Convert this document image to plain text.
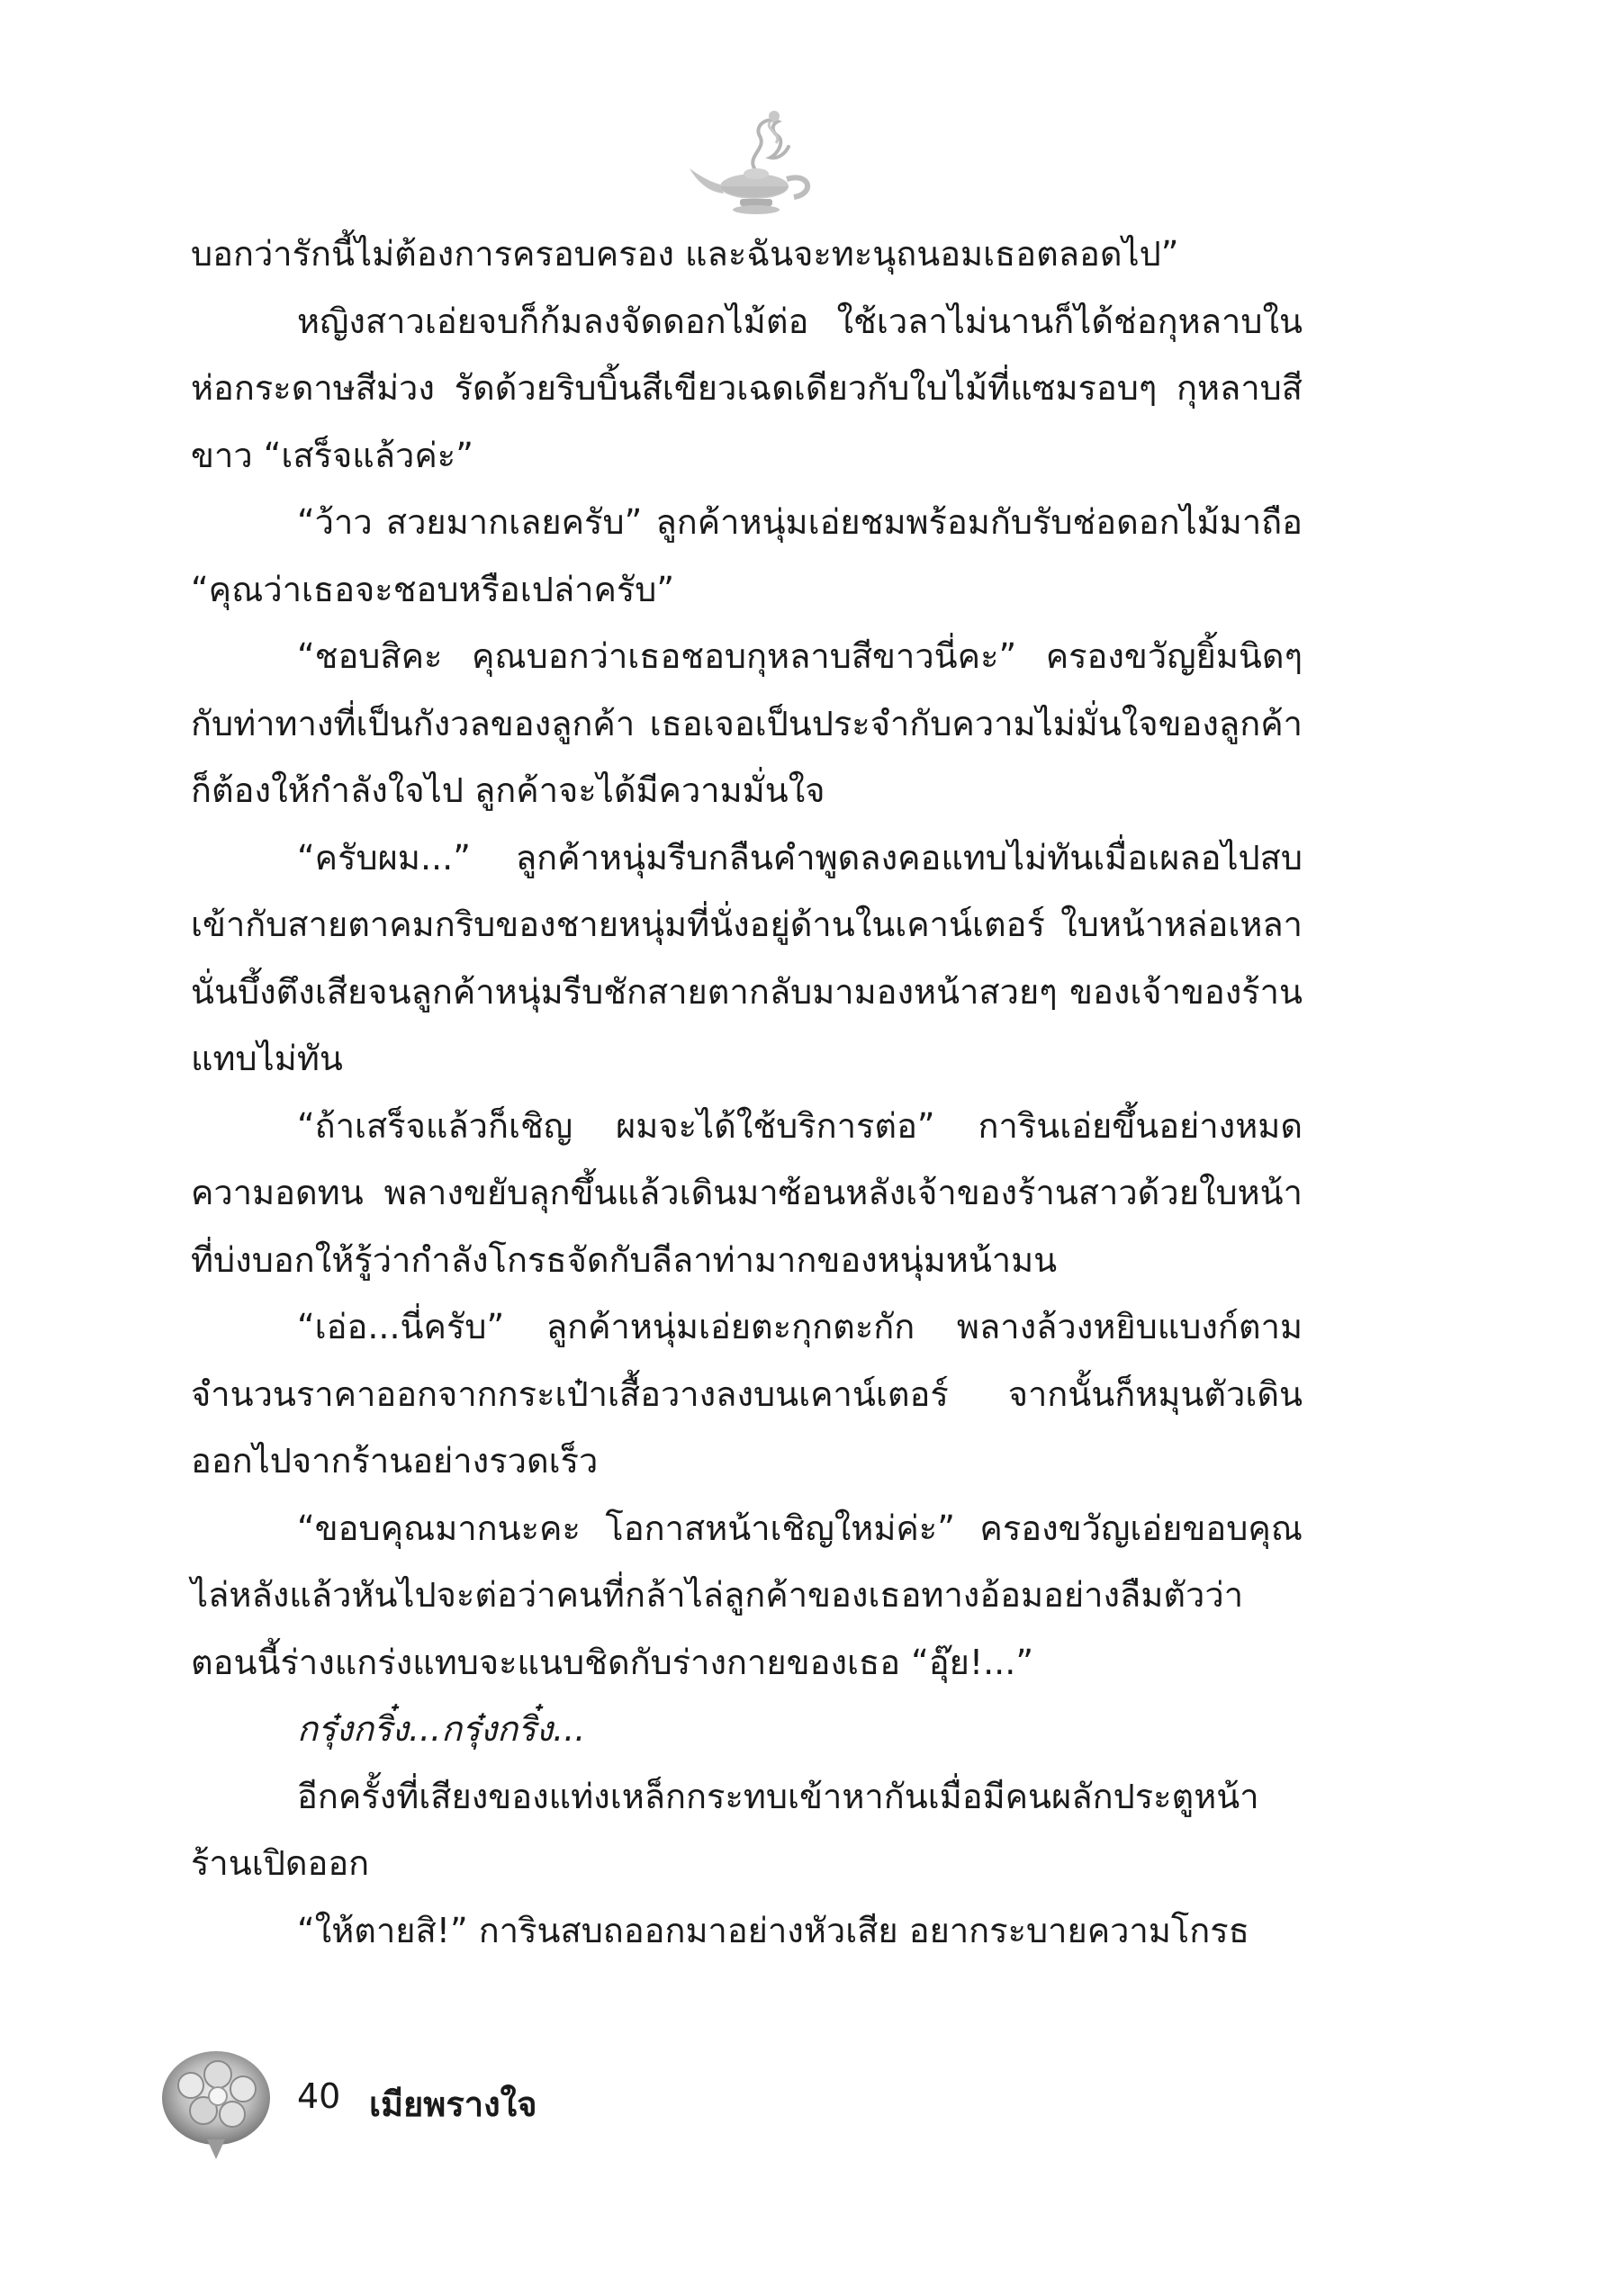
บอกว่ารักนี้ไม่ต้องการครอบครอง และฉันจะทะนุถนอมเธอตลอดไป”

หญิงสาวเอ่ยจบก็ก้มลงจัดดอกไม้ต่อ ใช้เวลาไม่นานก็ได้ช่อกุหลาบในห่อกระดาษสีม่วง รัดด้วยริบบิ้นสีเขียวเฉดเดียวกับใบไม้ที่แซมรอบๆ กุหลาบสีขาว “เสร็จแล้วค่ะ”

“ว้าว สวยมากเลยครับ” ลูกค้าหนุ่มเอ่ยชมพร้อมกับรับช่อดอกไม้มาถือ “คุณว่าเธอจะชอบหรือเปล่าครับ”

“ชอบสิคะ คุณบอกว่าเธอชอบกุหลาบสีขาวนี่คะ” ครองขวัญยิ้มนิดๆ กับท่าทางที่เป็นกังวลของลูกค้า เธอเจอเป็นประจำกับความไม่มั่นใจของลูกค้า ก็ต้องให้กำลังใจไป ลูกค้าจะได้มีความมั่นใจ

“ครับผม...” ลูกค้าหนุ่มรีบกลืนคำพูดลงคอแทบไม่ทันเมื่อเผลอไปสบเข้ากับสายตาคมกริบของชายหนุ่มที่นั่งอยู่ด้านในเคาน์เตอร์ ใบหน้าหล่อเหลานั่นบึ้งตึงเสียจนลูกค้าหนุ่มรีบชักสายตากลับมามองหน้าสวยๆ ของเจ้าของร้านแทบไม่ทัน

“ถ้าเสร็จแล้วก็เชิญ ผมจะได้ใช้บริการต่อ” การินเอ่ยขึ้นอย่างหมดความอดทน พลางขยับลุกขึ้นแล้วเดินมาซ้อนหลังเจ้าของร้านสาวด้วยใบหน้าที่บ่งบอกให้รู้ว่ากำลังโกรธจัดกับลีลาท่ามากของหนุ่มหน้ามน

“เอ่อ...นี่ครับ” ลูกค้าหนุ่มเอ่ยตะกุกตะกัก พลางล้วงหยิบแบงก์ตามจำนวนราคาออกจากกระเป๋าเสื้อวางลงบนเคาน์เตอร์ จากนั้นก็หมุนตัวเดินออกไปจากร้านอย่างรวดเร็ว

“ขอบคุณมากนะคะ โอกาสหน้าเชิญใหม่ค่ะ” ครองขวัญเอ่ยขอบคุณไล่หลังแล้วหันไปจะต่อว่าคนที่กล้าไล่ลูกค้าของเธอทางอ้อมอย่างลืมตัวว่าตอนนี้ร่างแกร่งแทบจะแนบชิดกับร่างกายของเธอ “อุ๊ย!...”

กรุ๋งกริ๋ง...กรุ๋งกริ๋ง...

อีกครั้งที่เสียงของแท่งเหล็กกระทบเข้าหากันเมื่อมีคนผลักประตูหน้าร้านเปิดออก

“ให้ตายสิ!” การินสบถออกมาอย่างหัวเสีย อยากระบายความโกรธ

40 เมียพรางใจ
